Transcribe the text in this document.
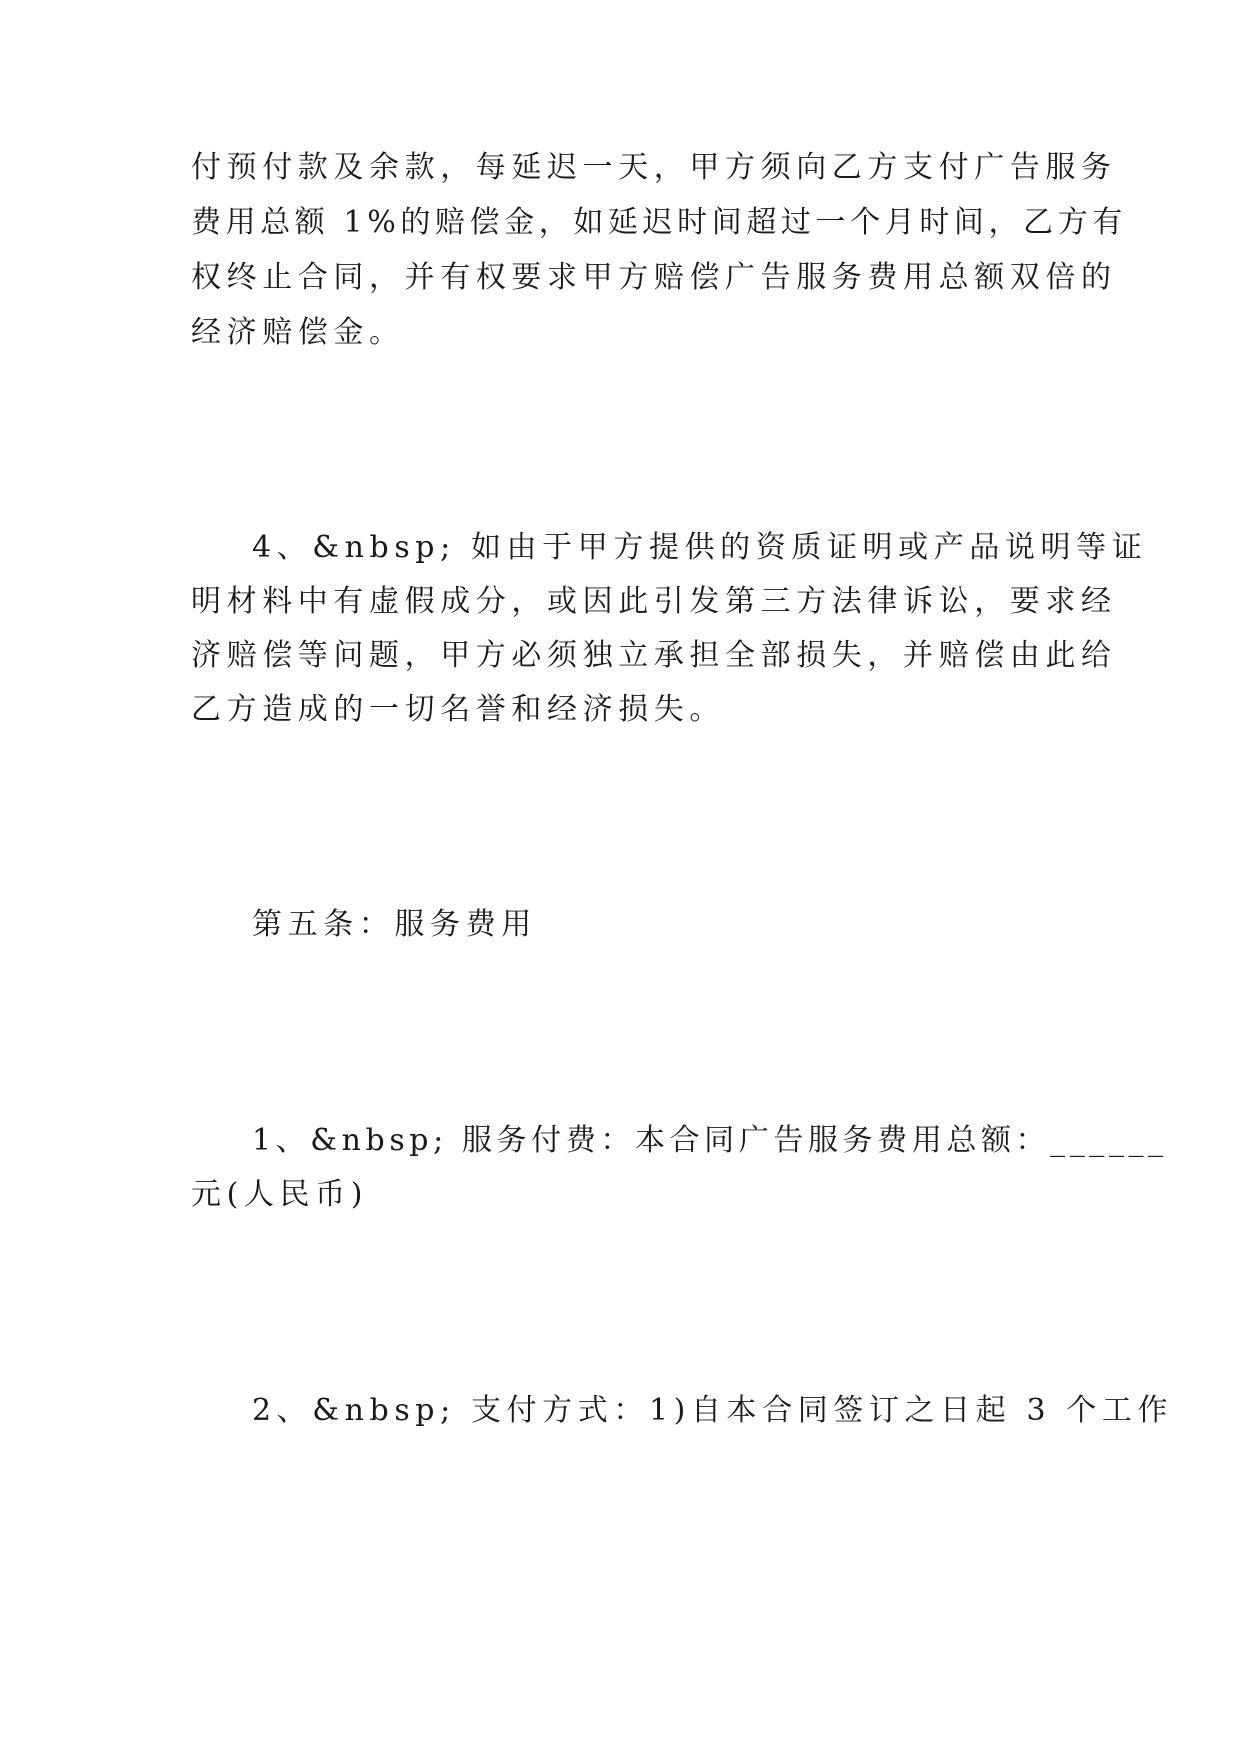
付预付款及余款，每延迟一天，甲方须向乙方支付广告服务
费用总额 1%的赔偿金，如延迟时间超过一个月时间，乙方有
权终止合同，并有权要求甲方赔偿广告服务费用总额双倍的
经济赔偿金。
4、&nbsp; 如由于甲方提供的资质证明或产品说明等证
明材料中有虚假成分，或因此引发第三方法律诉讼，要求经
济赔偿等问题，甲方必须独立承担全部损失，并赔偿由此给
乙方造成的一切名誉和经济损失。
第五条：服务费用
1、&nbsp; 服务付费：本合同广告服务费用总额：______
元(人民币)
2、&nbsp; 支付方式：1)自本合同签订之日起 3 个工作
